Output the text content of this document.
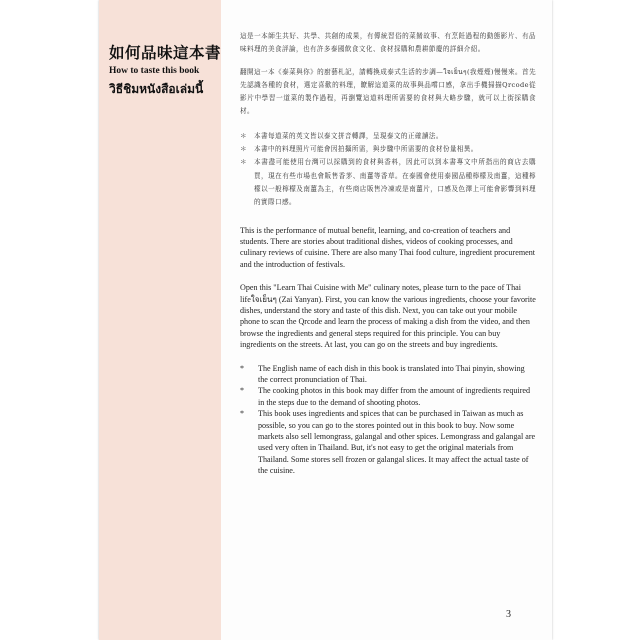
如何品味這本書
How to taste this book
วิธีชิมหนังสือเล่มนี้

這是一本師生共好、共學、共創的成果，有傳統習俗的菜餚故事、有烹飪過程的動態影片、有品味料理的美食評論，也有許多泰國飲食文化、食材採購和農耕節慶的詳細介紹。

翻開這一本《泰菜與你》的廚藝札記，請轉換成泰式生活的步調—ใจเย็นๆ(我煙煙)慢慢來。首先先認識各種的食材，選定喜歡的料理，瞭解這道菜的故事與品嚐口感，拿出手機掃描Qrcode從影片中學習一道菜的製作過程，再瀏覽這道料理所需要的食材與大略步驟，就可以上街採購食材。

＊ 本書每道菜的英文皆以泰文拼音轉譯，呈現泰文的正確讀法。
＊ 本書中的料理照片可能會因拍攝所需，與步驟中所需要的食材份量相異。
＊ 本書盡可能使用台灣可以採購到的食材與香料，因此可以到本書專文中所指出的商店去購買，現在有些市場也會販售香茅、南薑等香草。在泰國會使用泰國品種檸檬及南薑，這種檸檬以一般檸檬及南薑為主，有些商店販售冷凍或是南薑片，口感及色澤上可能會影響到料理的實際口感。

This is the performance of mutual benefit, learning, and co-creation of teachers and students. There are stories about traditional dishes, videos of cooking processes, and culinary reviews of cuisine. There are also many Thai food culture, ingredient procurement and the introduction of festivals.

Open this "Learn Thai Cuisine with Me" culinary notes, please turn to the pace of Thai lifeใจเย็นๆ (Zai Yanyan). First, you can know the various ingredients, choose your favorite dishes, understand the story and taste of this dish. Next, you can take out your mobile phone to scan the Qrcode and learn the process of making a dish from the video, and then browse the ingredients and general steps required for this principle. You can buy ingredients on the streets. At last, you can go on the streets and buy ingredients.

* The English name of each dish in this book is translated into Thai pinyin, showing the correct pronunciation of Thai.
* The cooking photos in this book may differ from the amount of ingredients required in the steps due to the demand of shooting photos.
* This book uses ingredients and spices that can be purchased in Taiwan as much as possible, so you can go to the stores pointed out in this book to buy. Now some markets also sell lemongrass, galangal and other spices. Lemongrass and galangal are used very often in Thailand. But, it's not easy to get the original materials from Thailand. Some stores sell frozen or galangal slices. It may affect the actual taste of the cuisine.
3
